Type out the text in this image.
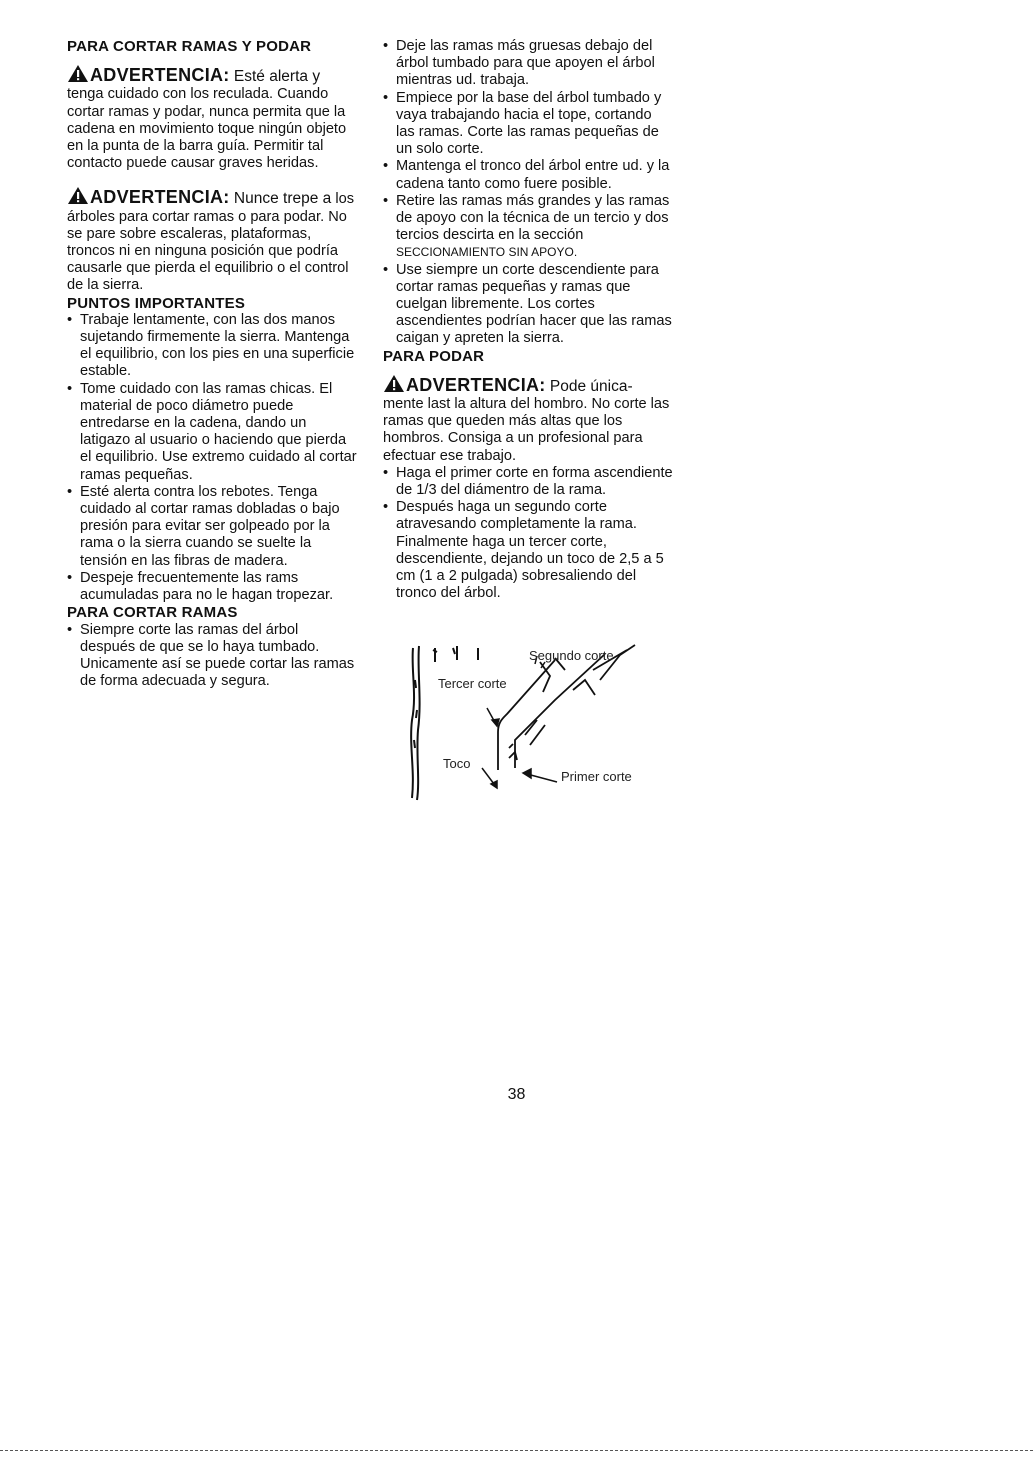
PARA CORTAR RAMAS Y PODAR

ADVERTENCIA: Esté alerta y tenga cuidado con los reculada. Cuando cortar ramas y podar, nunca permita que la cadena en movimiento toque ningún objeto en la punta de la barra guía. Permitir tal contacto puede causar graves heridas.

ADVERTENCIA: Nunce trepe a los árboles para cortar ramas o para podar. No se pare sobre escaleras, plataformas, troncos ni en ninguna posición que podría causarle que pierda el equilibrio o el control de la sierra.

PUNTOS IMPORTANTES

• Trabaje lentamente, con las dos manos sujetando firmemente la sierra. Mantenga el equilibrio, con los pies en una superficie estable.
• Tome cuidado con las ramas chicas. El material de poco diámetro puede entredarse en la cadena, dando un latigazo al usuario o haciendo que pierda el equilibrio. Use extremo cuidado al cortar ramas pequeñas.
• Esté alerta contra los rebotes. Tenga cuidado al cortar ramas dobladas o bajo presión para evitar ser golpeado por la rama o la sierra cuando se suelte la tensión en las fibras de madera.
• Despeje frecuentemente las rams acumuladas para no le hagan tropezar.

PARA CORTAR RAMAS

• Siempre corte las ramas del árbol después de que se lo haya tumbado. Unicamente así se puede cortar las ramas de forma adecuada y segura.
• Deje las ramas más gruesas debajo del árbol tumbado para que apoyen el árbol mientras ud. trabaja.
• Empiece por la base del árbol tumbado y vaya trabajando hacia el tope, cortando las ramas. Corte las ramas pequeñas de un solo corte.
• Mantenga el tronco del árbol entre ud. y la cadena tanto como fuere posible.
• Retire las ramas más grandes y las ramas de apoyo con la técnica de un tercio y dos tercios descirta en la sección SECCIONAMIENTO SIN APOYO.
• Use siempre un corte descendiente para cortar ramas pequeñas y ramas que cuelgan libremente. Los cortes ascendientes podrían hacer que las ramas caigan y apreten la sierra.

PARA PODAR

ADVERTENCIA: Pode única- mente last la altura del hombro. No corte las ramas que queden más altas que los hombros. Consiga a un profesional para efectuar ese trabajo.

• Haga el primer corte en forma ascendiente de 1/3 del diámentro de la rama.
• Después haga un segundo corte atravesando completamente la rama. Finalmente haga un tercer corte, descendiente, dejando un toco de 2,5 a 5 cm (1 a 2 pulgada) sobresaliendo del tronco del árbol.
Segundo corte
Tercer corte
Toco
Primer corte
38
